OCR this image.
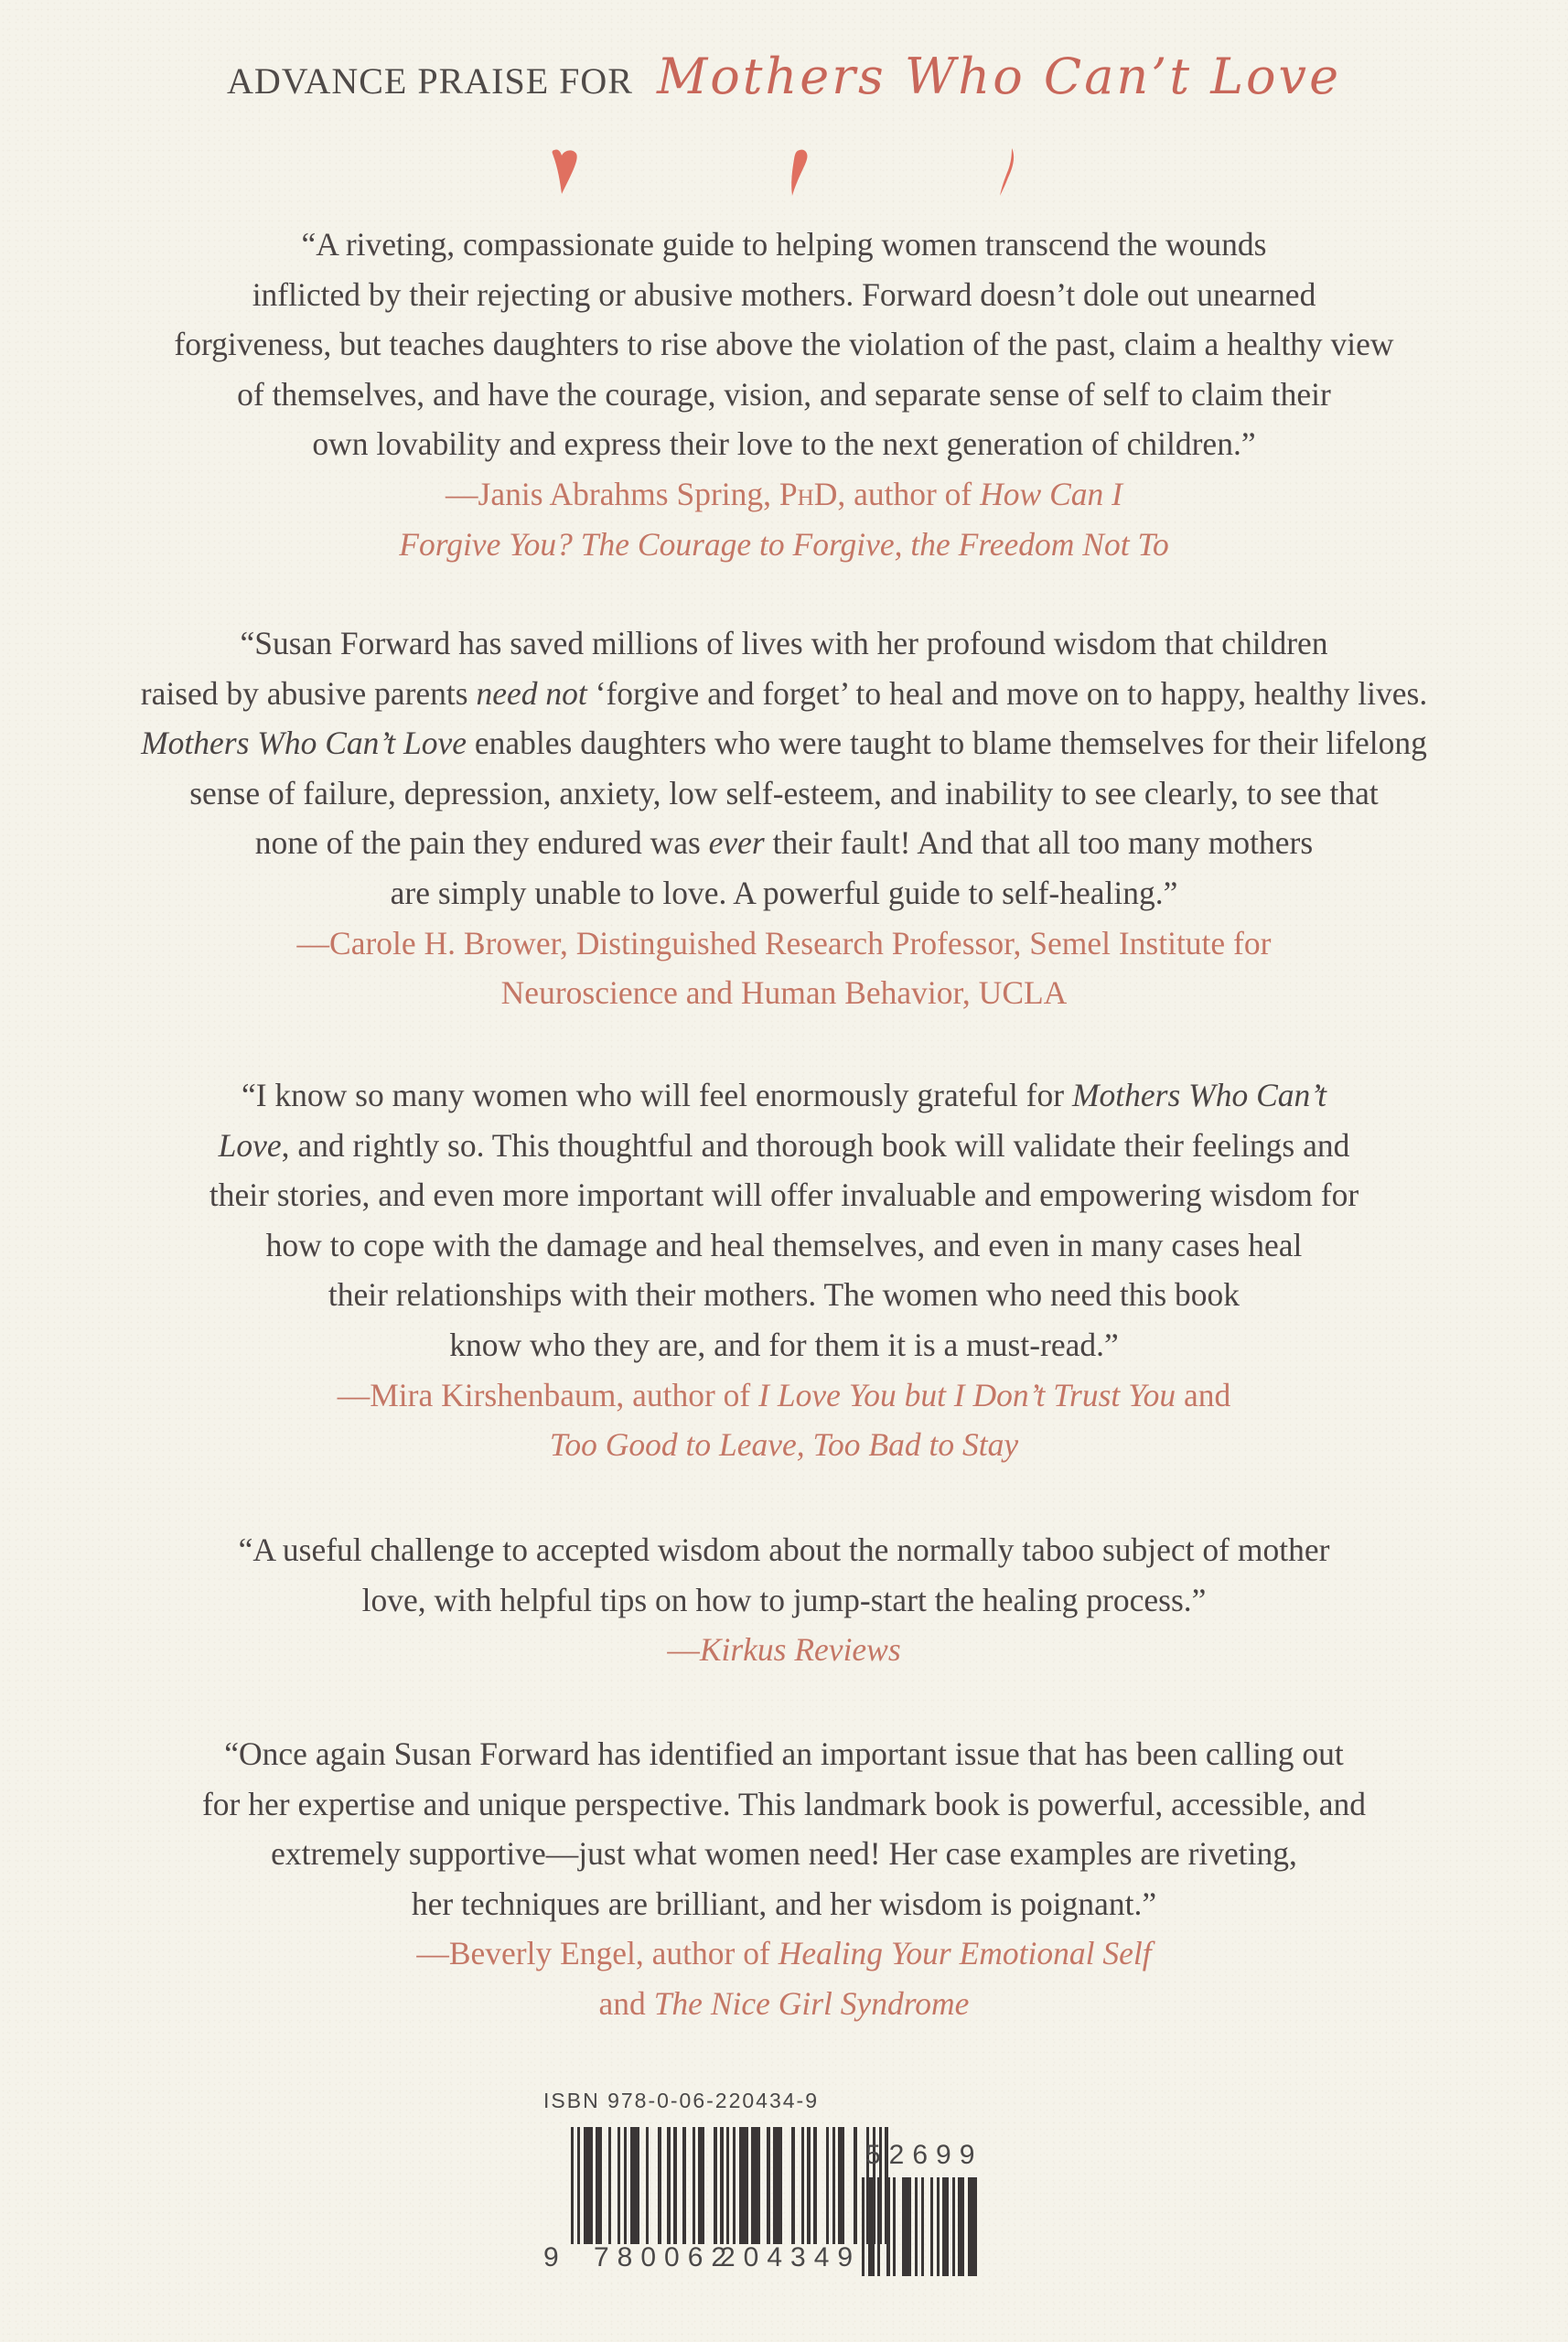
ADVANCE PRAISE FOR Mothers Who Can’t Love
“A riveting, compassionate guide to helping women transcend the wounds
inflicted by their rejecting or abusive mothers. Forward doesn’t dole out unearned
forgiveness, but teaches daughters to rise above the violation of the past, claim a healthy view
of themselves, and have the courage, vision, and separate sense of self to claim their
own lovability and express their love to the next generation of children.”
—Janis Abrahms Spring, PhD, author of How Can I
Forgive You? The Courage to Forgive, the Freedom Not To
“Susan Forward has saved millions of lives with her profound wisdom that children
raised by abusive parents need not ‘forgive and forget’ to heal and move on to happy, healthy lives.
Mothers Who Can’t Love enables daughters who were taught to blame themselves for their lifelong
sense of failure, depression, anxiety, low self-esteem, and inability to see clearly, to see that
none of the pain they endured was ever their fault! And that all too many mothers
are simply unable to love. A powerful guide to self-healing.”
—Carole H. Brower, Distinguished Research Professor, Semel Institute for
Neuroscience and Human Behavior, UCLA
“I know so many women who will feel enormously grateful for Mothers Who Can’t
Love, and rightly so. This thoughtful and thorough book will validate their feelings and
their stories, and even more important will offer invaluable and empowering wisdom for
how to cope with the damage and heal themselves, and even in many cases heal
their relationships with their mothers. The women who need this book
know who they are, and for them it is a must-read.”
—Mira Kirshenbaum, author of I Love You but I Don’t Trust You and
Too Good to Leave, Too Bad to Stay
“A useful challenge to accepted wisdom about the normally taboo subject of mother
love, with helpful tips on how to jump-start the healing process.”
—Kirkus Reviews
“Once again Susan Forward has identified an important issue that has been calling out
for her expertise and unique perspective. This landmark book is powerful, accessible, and
extremely supportive—just what women need! Her case examples are riveting,
her techniques are brilliant, and her wisdom is poignant.”
—Beverly Engel, author of Healing Your Emotional Self
and The Nice Girl Syndrome
ISBN 978-0-06-220434-9
9 780062
204349
52699
